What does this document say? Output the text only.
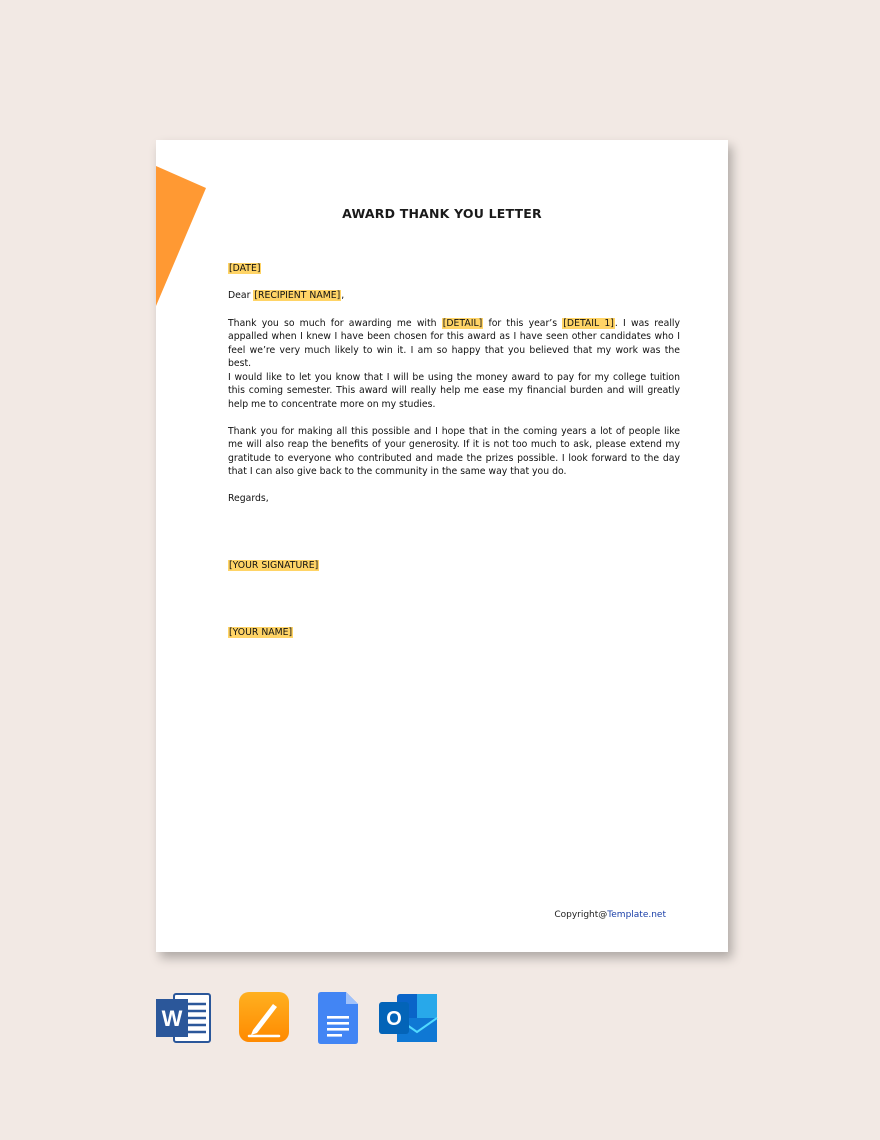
AWARD THANK YOU LETTER
[DATE]
Dear [RECIPIENT NAME],

Thank you so much for awarding me with [DETAIL] for this year’s [DETAIL 1]. I was really appalled when I knew I have been chosen for this award as I have seen other candidates who I feel we’re very much likely to win it. I am so happy that you believed that my work was the best.

I would like to let you know that I will be using the money award to pay for my college tuition this coming semester. This award will really help me ease my financial burden and will greatly help me to concentrate more on my studies.

Thank you for making all this possible and I hope that in the coming years a lot of people like me will also reap the benefits of your generosity. If it is not too much to ask, please extend my gratitude to everyone who contributed and made the prizes possible. I look forward to the day that I can also give back to the community in the same way that you do.

Regards,
[YOUR SIGNATURE]
[YOUR NAME]
Copyright@Template.net
W	O
